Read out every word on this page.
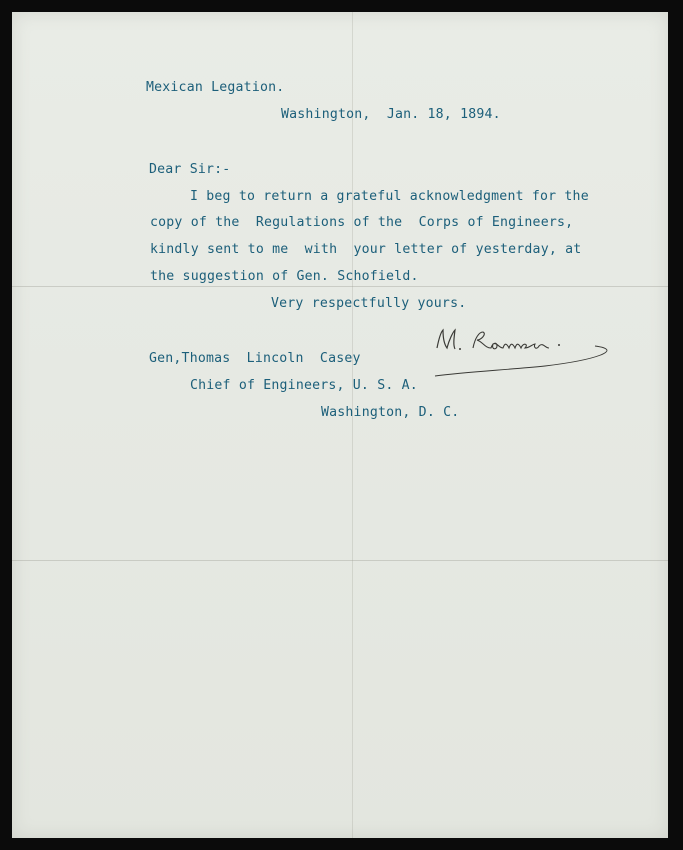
Mexican Legation.
Washington,  Jan. 18, 1894.
Dear Sir:-
I beg to return a grateful acknowledgment for the
copy of the  Regulations of the  Corps of Engineers,
kindly sent to me  with  your letter of yesterday, at
the suggestion of Gen. Schofield.
Very respectfully yours.
Gen,Thomas  Lincoln  Casey
Chief of Engineers, U. S. A.
Washington, D. C.
